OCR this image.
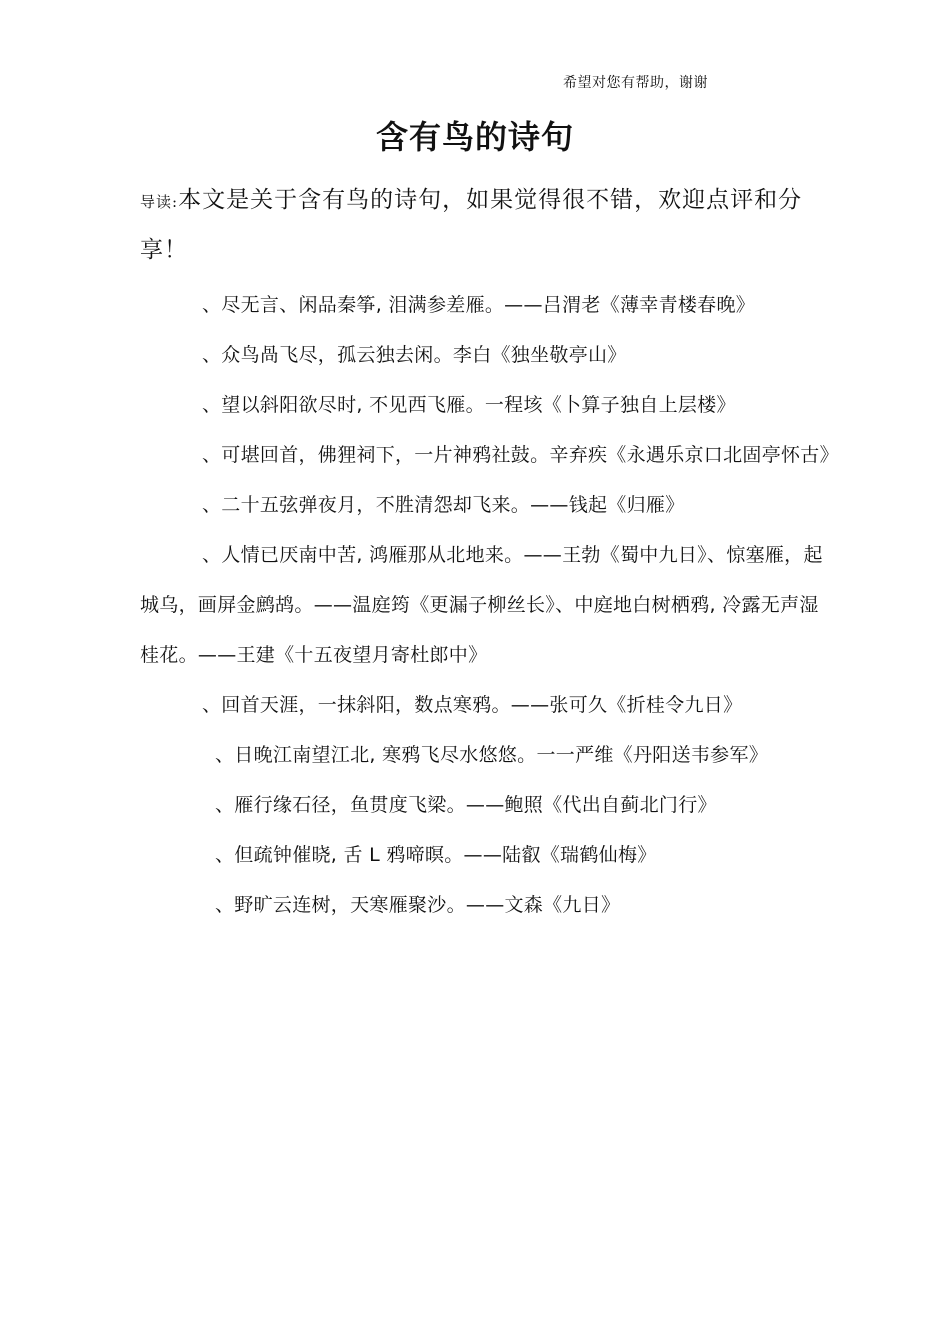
希望对您有帮助，谢谢
含有鸟的诗句
导读:本文是关于含有鸟的诗句，如果觉得很不错，欢迎点评和分享！

、尽无言、闲品秦筝, 泪满参差雁。——吕渭老《薄幸青楼春晚》

、众鸟咼飞尽，孤云独去闲。李白《独坐敬亭山》

、望以斜阳欲尽时, 不见西飞雁。一程垓《卜算子独自上层楼》

、可堪回首，佛狸祠下，一片神鸦社鼓。辛弃疾《永遇乐京口北固亭怀古》

、二十五弦弹夜月，不胜清怨却飞来。——钱起《归雁》

、人情已厌南中苦, 鸿雁那从北地来。——王勃《蜀中九日》、惊塞雁，起城乌，画屏金鹧鸪。——温庭筠《更漏子柳丝长》、中庭地白树栖鸦, 冷露无声湿桂花。——王建《十五夜望月寄杜郎中》

、回首天涯，一抹斜阳，数点寒鸦。——张可久《折桂令九日》

、日晚江南望江北, 寒鸦飞尽水悠悠。一一严维《丹阳送韦参军》

、雁行缘石径，鱼贯度飞梁。——鲍照《代出自蓟北门行》

、但疏钟催晓, 舌 L 鸦啼暝。——陆叡《瑞鹤仙梅》

、野旷云连树，天寒雁聚沙。——文森《九日》
